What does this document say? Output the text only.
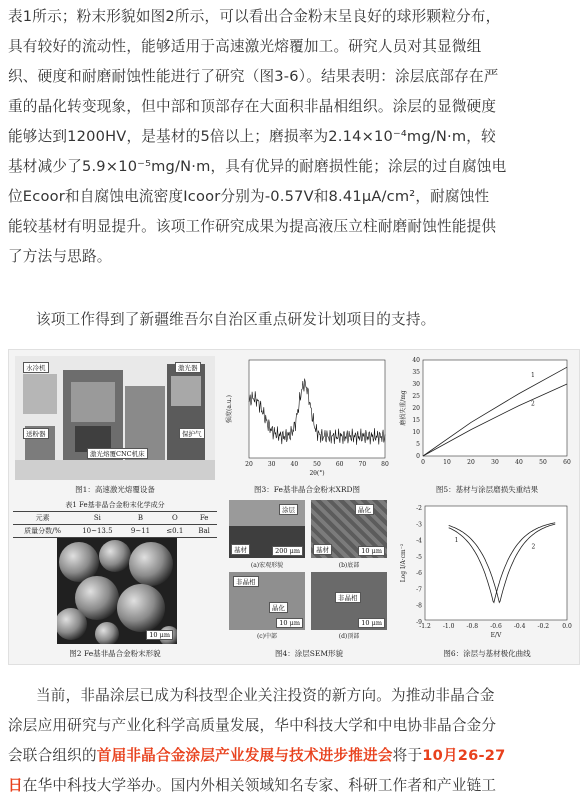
表1所示；粉末形貌如图2所示，可以看出合金粉末呈良好的球形颗粒分布，
具有较好的流动性，能够适用于高速激光熔覆加工。研究人员对其显微组
织、硬度和耐磨耐蚀性能进行了研究（图3-6）。结果表明：涂层底部存在严
重的晶化转变现象，但中部和顶部存在大面积非晶相组织。涂层的显微硬度
能够达到1200HV，是基材的5倍以上；磨损率为2.14×10⁻⁴mg/N·m，较
基材减少了5.9×10⁻⁵mg/N·m，具有优异的耐磨损性能；涂层的过自腐蚀电
位Ecoor和自腐蚀电流密度Icoor分别为-0.57V和8.41μA/cm²，耐腐蚀性
能较基材有明显提升。该项工作研究成果为提高液压立柱耐磨耐蚀性能提供
了方法与思路。

该项工作得到了新疆维吾尔自治区重点研发计划项目的支持。

水冷机	激光器
送粉器	保护气
激光熔覆CNC机床
图1：高速激光熔覆设备
20	30	40	50	60	70	80
2θ(°)
强度(a.u.)
图3：Fe基非晶合金粉末XRD图
0	10	20	30	40	50	60
0
5
10
15
20
25
30
35
40
磨损失重/mg
1
2
图5：基材与涂层磨损失重结果
表1 Fe基非晶合金粉末化学成分
元素	Si	B	O	Fe
质量分数/%	10~13.5	9~11	≤0.1	Bal
10 μm
图2 Fe基非晶合金粉末形貌
基材
涂层
200 μm
(a)宏观形貌
基材
晶化
10 μm
(b)底部
非晶相
晶化
10 μm
(c)中部
非晶相
10 μm
(d)顶部
图4：涂层SEM形貌
-1.2 -1.0 -0.8 -0.6 -0.4 -0.2 0.0
-2
-3
-4
-5
-6
-7
-8
-9
E/V
Log I/A·cm⁻²
1
2
图6：涂层与基材极化曲线
当前，非晶涂层已成为科技型企业关注投资的新方向。为推动非晶合金
涂层应用研究与产业化科学高质量发展，华中科技大学和中电协非晶合金分
会联合组织的首届非晶合金涂层产业发展与技术进步推进会将于10月26-27
日在华中科技大学举办。国内外相关领域知名专家、科研工作者和产业链工
